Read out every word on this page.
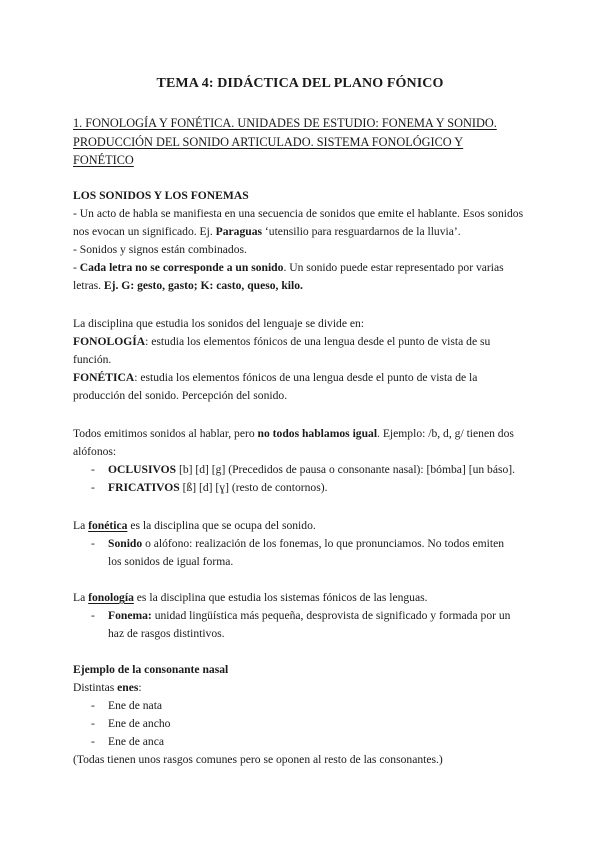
TEMA 4: DIDÁCTICA DEL PLANO FÓNICO
1. FONOLOGÍA Y FONÉTICA. UNIDADES DE ESTUDIO: FONEMA Y SONIDO.
PRODUCCIÓN DEL SONIDO ARTICULADO. SISTEMA FONOLÓGICO Y
FONÉTICO
LOS SONIDOS Y LOS FONEMAS
- Un acto de habla se manifiesta en una secuencia de sonidos que emite el hablante. Esos sonidos
nos evocan un significado. Ej. Paraguas ‘utensilio para resguardarnos de la lluvia’.
- Sonidos y signos están combinados.
- Cada letra no se corresponde a un sonido. Un sonido puede estar representado por varias
letras. Ej. G: gesto, gasto; K: casto, queso, kilo.
La disciplina que estudia los sonidos del lenguaje se divide en:
FONOLOGÍA: estudia los elementos fónicos de una lengua desde el punto de vista de su
función.
FONÉTICA: estudia los elementos fónicos de una lengua desde el punto de vista de la
producción del sonido. Percepción del sonido.
Todos emitimos sonidos al hablar, pero no todos hablamos igual. Ejemplo: /b, d, g/ tienen dos
alófonos:
- OCLUSIVOS [b] [d] [g] (Precedidos de pausa o consonante nasal): [bómba] [un báso].
- FRICATIVOS [ß] [d] [ɣ] (resto de contornos).
La fonética es la disciplina que se ocupa del sonido.
- Sonido o alófono: realización de los fonemas, lo que pronunciamos. No todos emiten
los sonidos de igual forma.
La fonología es la disciplina que estudia los sistemas fónicos de las lenguas.
- Fonema: unidad lingüística más pequeña, desprovista de significado y formada por un
haz de rasgos distintivos.
Ejemplo de la consonante nasal
Distintas enes:
- Ene de nata
- Ene de ancho
- Ene de anca
(Todas tienen unos rasgos comunes pero se oponen al resto de las consonantes.)
